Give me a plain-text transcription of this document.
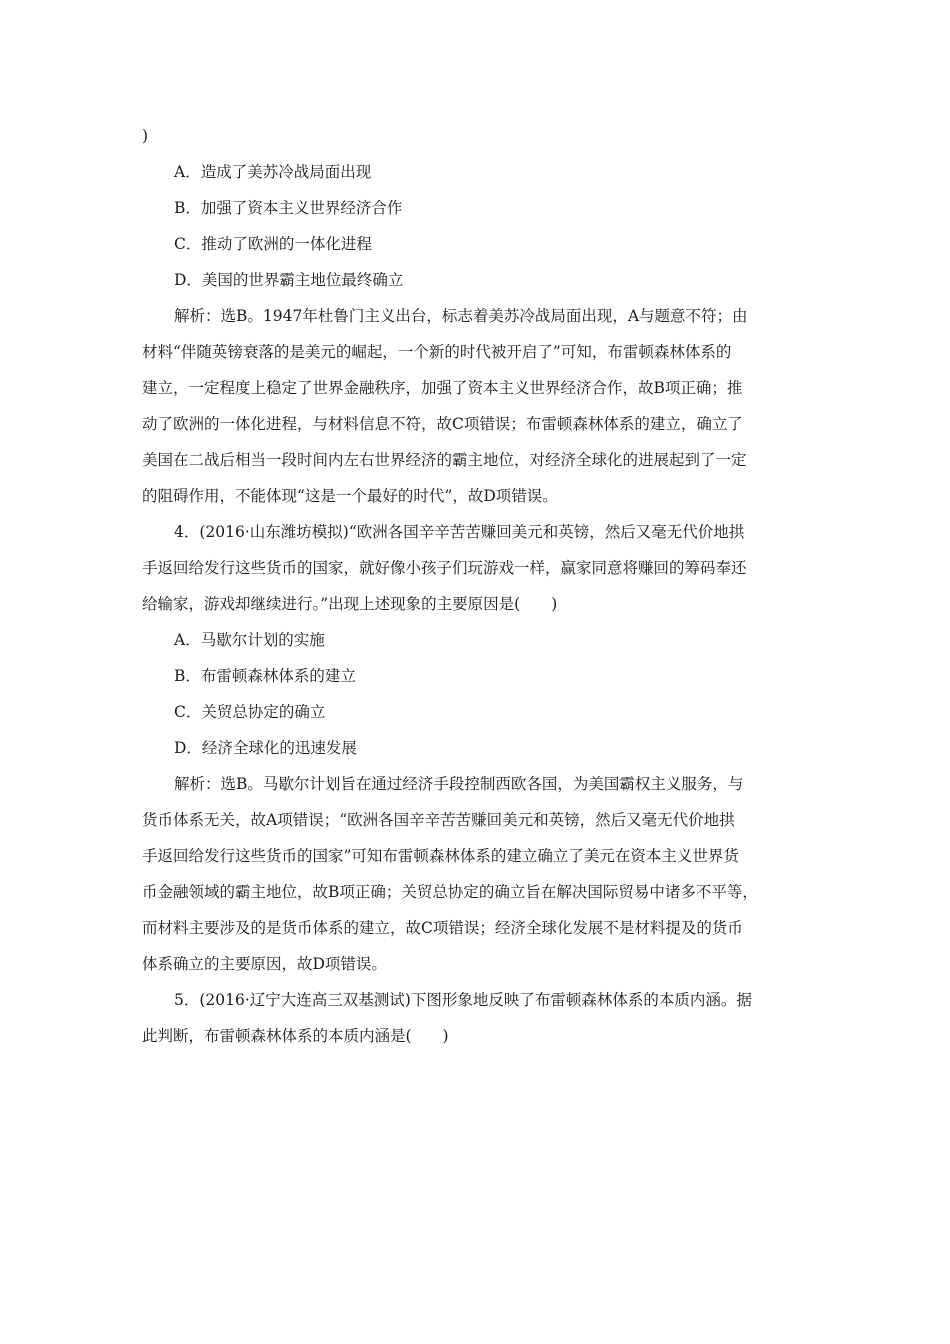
)
A．造成了美苏冷战局面出现
B．加强了资本主义世界经济合作
C．推动了欧洲的一体化进程
D．美国的世界霸主地位最终确立
解析：选B。1947年杜鲁门主义出台，标志着美苏冷战局面出现，A与题意不符；由
材料“伴随英镑衰落的是美元的崛起，一个新的时代被开启了”可知，布雷顿森林体系的
建立，一定程度上稳定了世界金融秩序，加强了资本主义世界经济合作，故B项正确；推
动了欧洲的一体化进程，与材料信息不符，故C项错误；布雷顿森林体系的建立，确立了
美国在二战后相当一段时间内左右世界经济的霸主地位，对经济全球化的进展起到了一定
的阻碍作用，不能体现“这是一个最好的时代”，故D项错误。
4．(2016·山东潍坊模拟)“欧洲各国辛辛苦苦赚回美元和英镑，然后又毫无代价地拱
手返回给发行这些货币的国家，就好像小孩子们玩游戏一样，赢家同意将赚回的筹码奉还
给输家，游戏却继续进行。”出现上述现象的主要原因是(　　)
A．马歇尔计划的实施
B．布雷顿森林体系的建立
C．关贸总协定的确立
D．经济全球化的迅速发展
解析：选B。马歇尔计划旨在通过经济手段控制西欧各国，为美国霸权主义服务，与
货币体系无关，故A项错误；“欧洲各国辛辛苦苦赚回美元和英镑，然后又毫无代价地拱
手返回给发行这些货币的国家”可知布雷顿森林体系的建立确立了美元在资本主义世界货
币金融领域的霸主地位，故B项正确；关贸总协定的确立旨在解决国际贸易中诸多不平等，
而材料主要涉及的是货币体系的建立，故C项错误；经济全球化发展不是材料提及的货币
体系确立的主要原因，故D项错误。
5．(2016·辽宁大连高三双基测试)下图形象地反映了布雷顿森林体系的本质内涵。据
此判断，布雷顿森林体系的本质内涵是(　　)
